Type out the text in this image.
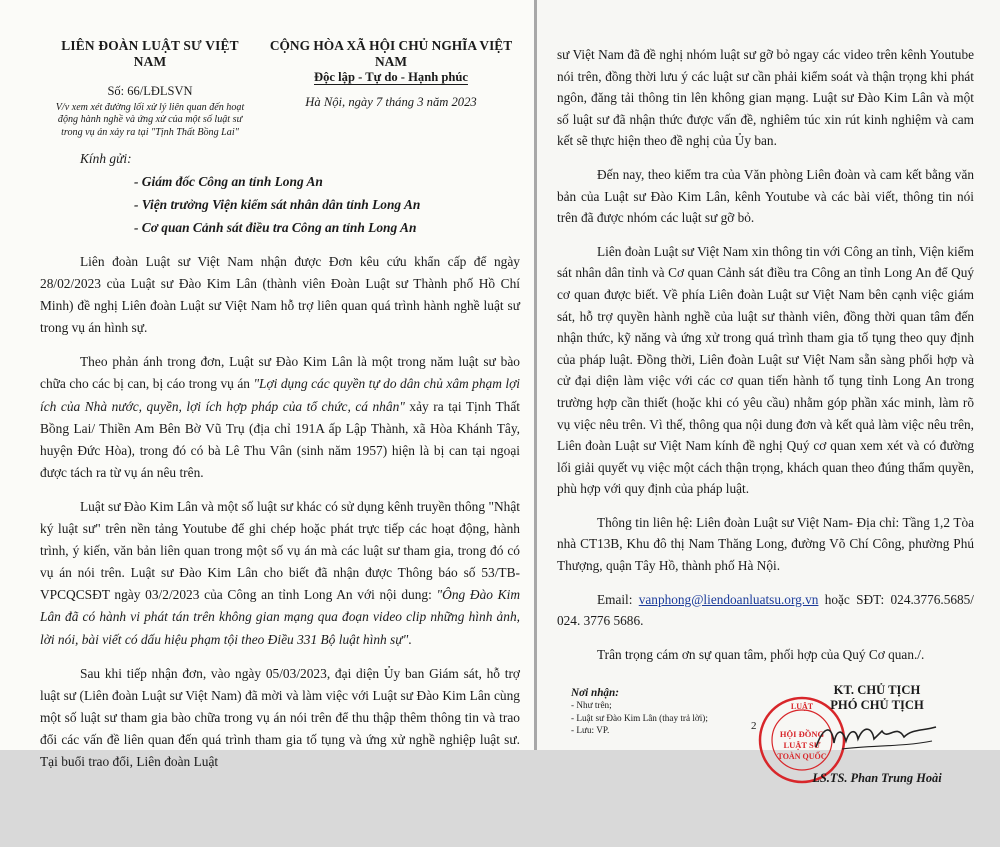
LIÊN ĐOÀN LUẬT SƯ VIỆT NAM
Số: 66/LĐLSVN
V/v xem xét đường lối xử lý liên quan đến hoạt động hành nghề và ứng xử của một số luật sư trong vụ án xảy ra tại "Tịnh Thất Bồng Lai"
CỘNG HÒA XÃ HỘI CHỦ NGHĨA VIỆT NAM
Độc lập - Tự do - Hạnh phúc
Hà Nội, ngày 7 tháng 3 năm 2023
Kính gửi:
- Giám đốc Công an tỉnh Long An
- Viện trưởng Viện kiểm sát nhân dân tỉnh Long An
- Cơ quan Cảnh sát điều tra Công an tỉnh Long An

Liên đoàn Luật sư Việt Nam nhận được Đơn kêu cứu khẩn cấp để ngày 28/02/2023 của Luật sư Đào Kim Lân (thành viên Đoàn Luật sư Thành phố Hồ Chí Minh) đề nghị Liên đoàn Luật sư Việt Nam hỗ trợ liên quan quá trình hành nghề luật sư trong vụ án hình sự.

Theo phản ánh trong đơn, Luật sư Đào Kim Lân là một trong năm luật sư bào chữa cho các bị can, bị cáo trong vụ án "Lợi dụng các quyền tự do dân chủ xâm phạm lợi ích của Nhà nước, quyền, lợi ích hợp pháp của tổ chức, cá nhân" xảy ra tại Tịnh Thất Bồng Lai/ Thiền Am Bên Bờ Vũ Trụ (địa chỉ 191A ấp Lập Thành, xã Hòa Khánh Tây, huyện Đức Hòa), trong đó có bà Lê Thu Vân (sinh năm 1957) hiện là bị can tại ngoại được tách ra từ vụ án nêu trên.

Luật sư Đào Kim Lân và một số luật sư khác có sử dụng kênh truyền thông "Nhật ký luật sư" trên nền tảng Youtube để ghi chép hoặc phát trực tiếp các hoạt động, hành trình, ý kiến, văn bản liên quan trong một số vụ án mà các luật sư tham gia, trong đó có vụ án nói trên. Luật sư Đào Kim Lân cho biết đã nhận được Thông báo số 53/TB-VPCQCSĐT ngày 03/2/2023 của Công an tỉnh Long An với nội dung: "Ông Đào Kim Lân đã có hành vi phát tán trên không gian mạng qua đoạn video clip những hình ảnh, lời nói, bài viết có dấu hiệu phạm tội theo Điều 331 Bộ luật hình sự".

Sau khi tiếp nhận đơn, vào ngày 05/03/2023, đại diện Ủy ban Giám sát, hỗ trợ luật sư (Liên đoàn Luật sư Việt Nam) đã mời và làm việc với Luật sư Đào Kim Lân cùng một số luật sư tham gia bào chữa trong vụ án nói trên để thu thập thêm thông tin và trao đổi các vấn đề liên quan đến quá trình tham gia tố tụng và ứng xử nghề nghiệp luật sư. Tại buổi trao đổi, Liên đoàn Luật

sư Việt Nam đã đề nghị nhóm luật sư gỡ bỏ ngay các video trên kênh Youtube nói trên, đồng thời lưu ý các luật sư cần phải kiểm soát và thận trọng khi phát ngôn, đăng tải thông tin lên không gian mạng. Luật sư Đào Kim Lân và một số luật sư đã nhận thức được vấn đề, nghiêm túc xin rút kinh nghiệm và cam kết sẽ thực hiện theo đề nghị của Ủy ban.

Đến nay, theo kiểm tra của Văn phòng Liên đoàn và cam kết bằng văn bản của Luật sư Đào Kim Lân, kênh Youtube và các bài viết, thông tin nói trên đã được nhóm các luật sư gỡ bỏ.

Liên đoàn Luật sư Việt Nam xin thông tin với Công an tỉnh, Viện kiểm sát nhân dân tỉnh và Cơ quan Cảnh sát điều tra Công an tỉnh Long An để Quý cơ quan được biết. Về phía Liên đoàn Luật sư Việt Nam bên cạnh việc giám sát, hỗ trợ quyền hành nghề của luật sư thành viên, đồng thời quan tâm đến nhận thức, kỹ năng và ứng xử trong quá trình tham gia tố tụng theo quy định của pháp luật. Đồng thời, Liên đoàn Luật sư Việt Nam sẵn sàng phối hợp và cử đại diện làm việc với các cơ quan tiến hành tố tụng tỉnh Long An trong trường hợp cần thiết (hoặc khi có yêu cầu) nhằm góp phần xác minh, làm rõ vụ việc nêu trên. Vì thế, thông qua nội dung đơn và kết quả làm việc nêu trên, Liên đoàn Luật sư Việt Nam kính đề nghị Quý cơ quan xem xét và có đường lối giải quyết vụ việc một cách thận trọng, khách quan theo đúng thẩm quyền, phù hợp với quy định của pháp luật.

Thông tin liên hệ: Liên đoàn Luật sư Việt Nam- Địa chỉ: Tầng 1,2 Tòa nhà CT13B, Khu đô thị Nam Thăng Long, đường Võ Chí Công, phường Phú Thượng, quận Tây Hồ, thành phố Hà Nội.

Email: vanphong@liendoanluatsu.org.vn hoặc SĐT: 024.3776.5685/ 024. 3776 5686.

Trân trọng cám ơn sự quan tâm, phối hợp của Quý Cơ quan./.

Nơi nhận:
- Như trên;
- Luật sư Đào Kim Lân (thay trả lời);
- Lưu: VP.
LUẬT
HỘI ĐỒNG
LUẬT SƯ
TOÀN QUỐC
KT. CHỦ TỊCH
PHÓ CHỦ TỊCH
LS.TS. Phan Trung Hoài
2
